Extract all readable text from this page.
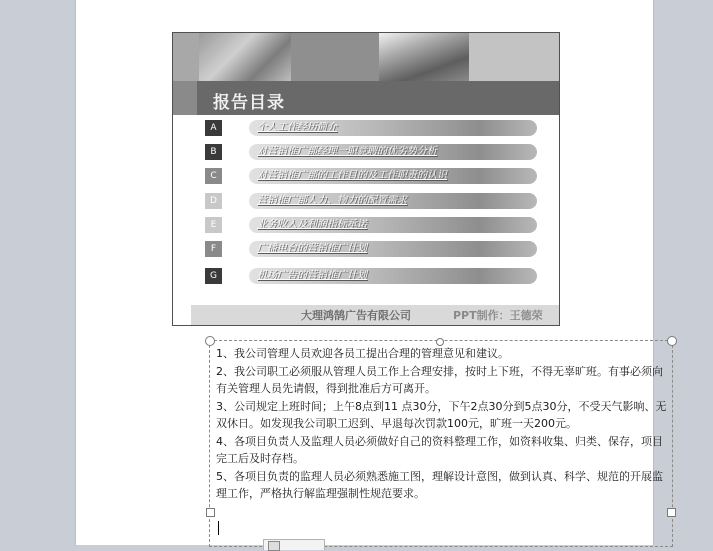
报告目录
A	个人工作经历简介
B	对营销推广部经理一职竞聘的优劣势分析
C	对营销推广部的工作目的及工作职责的认识
D	营销推广部人力、物力的配置需求
E	业务收入及利润指标承诺
F	广播电台的营销推广计划
G	机场广告的营销推广计划
大理鸿鹄广告有限公司	PPT制作：王德荣

1、我公司管理人员欢迎各员工提出合理的管理意见和建议。

2、我公司职工必须服从管理人员工作上合理安排，按时上下班，不得无辜旷班。有事必须向有关管理人员先请假，得到批准后方可离开。

3、公司规定上班时间；上午8点到11 点30分，下午2点30分到5点30分，不受天气影响、无双休日。如发现我公司职工迟到、早退每次罚款100元，旷班一天200元。

4、各项目负责人及监理人员必须做好自己的资料整理工作，如资料收集、归类、保存，项目完工后及时存档。

5、各项目负责的监理人员必须熟悉施工图，理解设计意图，做到认真、科学、规范的开展监理工作，严格执行解监理强制性规范要求。
